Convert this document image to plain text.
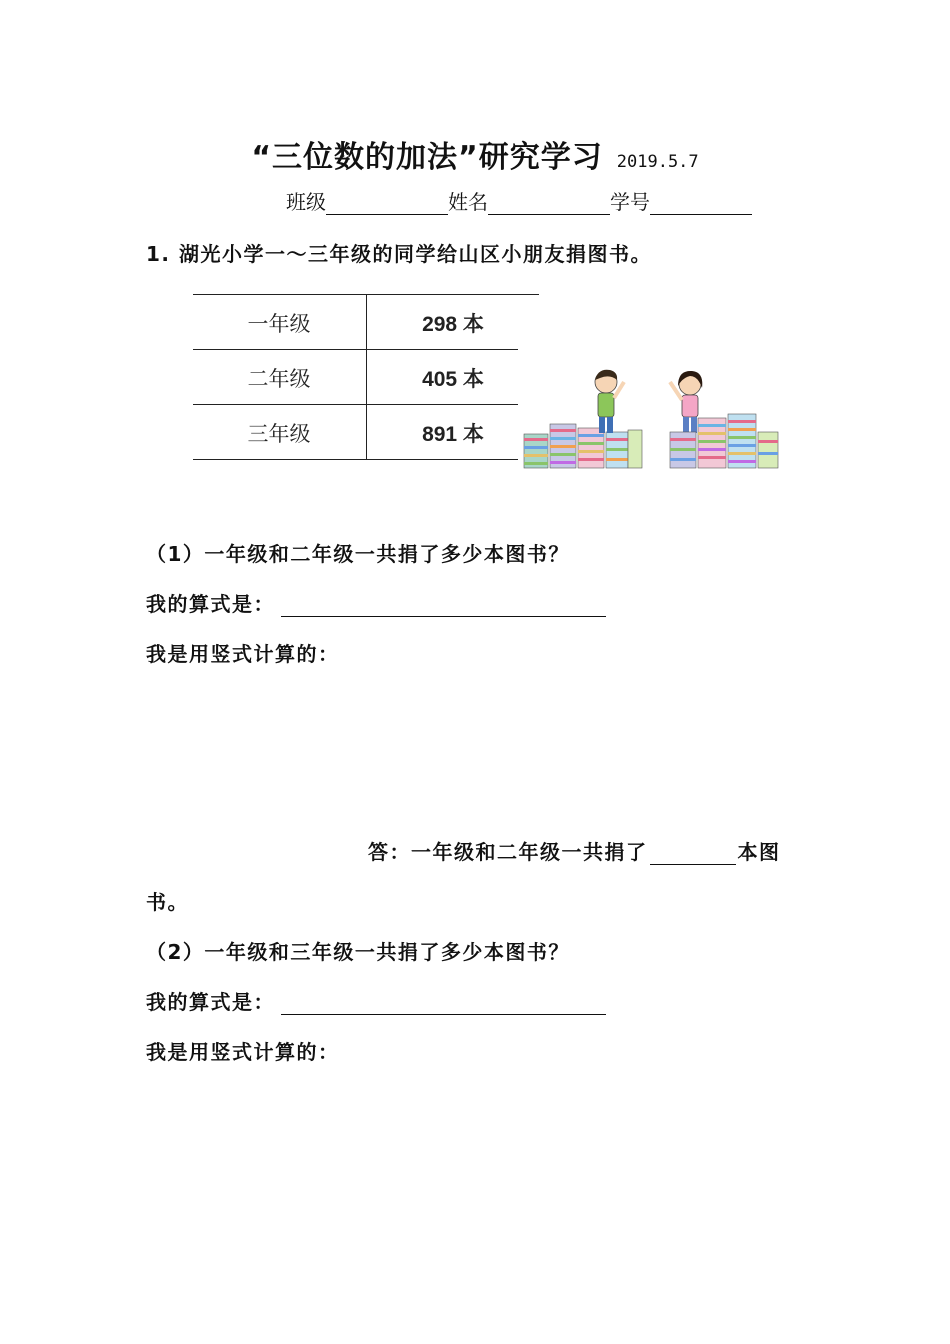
“三位数的加法”研究学习 2019.5.7
班级	姓名	学号
1. 湖光小学一～三年级的同学给山区小朋友捐图书。
一年级	298 本
二年级	405 本
三年级	891 本
（1）一年级和二年级一共捐了多少本图书？
我的算式是：
我是用竖式计算的：
答：一年级和二年级一共捐了	本图
书。
（2）一年级和三年级一共捐了多少本图书？
我的算式是：
我是用竖式计算的：
